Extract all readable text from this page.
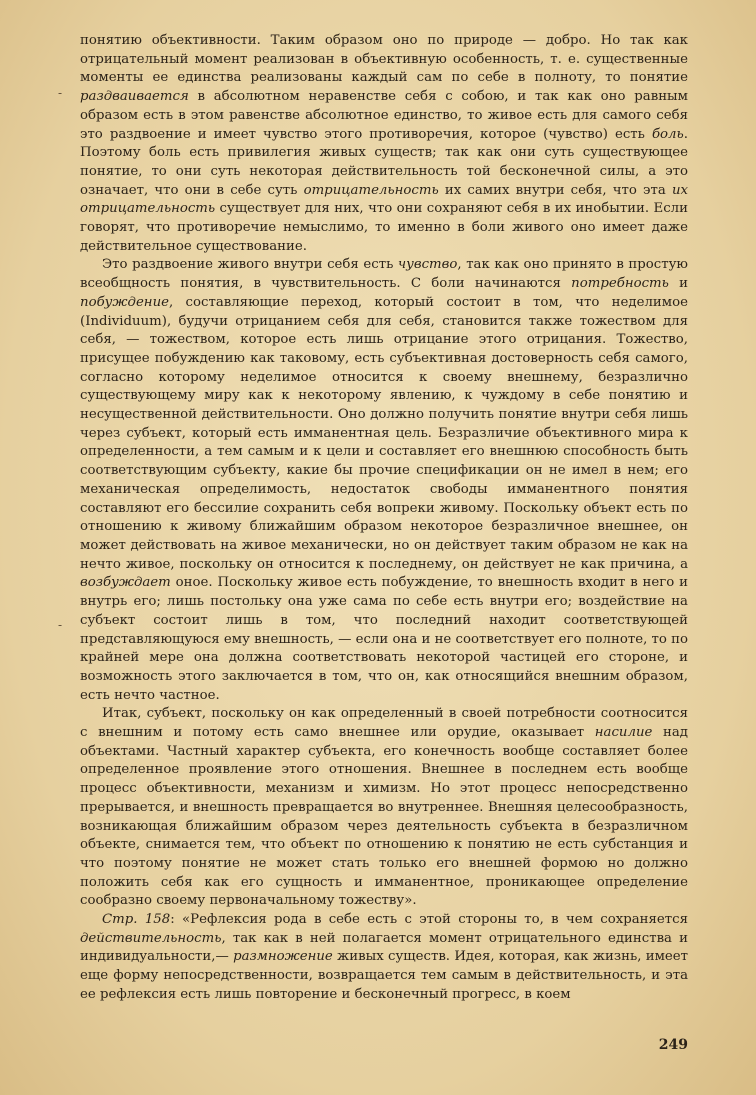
понятию объективности. Таким образом оно по природе — добро. Но так как отрицательный момент реализован в объективную особенность, т. е. существенные моменты ее единства реализованы каждый сам по себе в полноту, то понятие раздваивается в абсолютном неравенстве себя с собою, и так как оно равным образом есть в этом равенстве абсолютное единство, то живое есть для самого себя это раздвоение и имеет чувство этого противоречия, которое (чувство) есть боль. Поэтому боль есть привилегия живых существ; так как они суть существующее понятие, то они суть некоторая действительность той бесконечной силы, а это означает, что они в себе суть отрицательность их самих внутри себя, что эта их отрицательность существует для них, что они сохраняют себя в их инобытии. Если говорят, что противоречие немыслимо, то именно в боли живого оно имеет даже действительное существование.

Это раздвоение живого внутри себя есть чувство, так как оно принято в простую всеобщность понятия, в чувствительность. С боли начинаются потребность и побуждение, составляющие переход, который состоит в том, что неделимое (Individuum), будучи отрицанием себя для себя, становится также тожеством для себя, — тожеством, которое есть лишь отрицание этого отрицания. Тожество, присущее побуждению как таковому, есть субъективная достоверность себя самого, согласно которому неделимое относится к своему внешнему, безразлично существующему миру как к некоторому явлению, к чуждому в себе понятию и несущественной действительности. Оно должно получить понятие внутри себя лишь через субъект, который есть имманентная цель. Безразличие объективного мира к определенности, а тем самым и к цели и составляет его внешнюю способность быть соответствующим субъекту, какие бы прочие спецификации он не имел в нем; его механическая определимость, недостаток свободы имманентного понятия составляют его бессилие сохранить себя вопреки живому. Поскольку объект есть по отношению к живому ближайшим образом некоторое безразличное внешнее, он может действовать на живое механически, но он действует таким образом не как на нечто живое, поскольку он относится к последнему, он действует не как причина, а возбуждает оное. Поскольку живое есть побуждение, то внешность входит в него и внутрь его; лишь постольку она уже сама по себе есть внутри его; воздействие на субъект состоит лишь в том, что последний находит соответствующей представляющуюся ему внешность, — если она и не соответствует его полноте, то по крайней мере она должна соответствовать некоторой частицей его стороне, и возможность этого заключается в том, что он, как относящийся внешним образом, есть нечто частное.

Итак, субъект, поскольку он как определенный в своей потребности соотносится с внешним и потому есть само внешнее или орудие, оказывает насилие над объектами. Частный характер субъекта, его конечность вообще составляет более определенное проявление этого отношения. Внешнее в последнем есть вообще процесс объективности, механизм и химизм. Но этот процесс непосредственно прерывается, и внешность превращается во внутреннее. Внешняя целесообразность, возникающая ближайшим образом через деятельность субъекта в безразличном объекте, снимается тем, что объект по отношению к понятию не есть субстанция и что поэтому понятие не может стать только его внешней формою но должно положить себя как его сущность и имманентное, проникающее определение сообразно своему первоначальному тожеству».

Стр. 158: «Рефлексия рода в себе есть с этой стороны то, в чем сохраняется действительность, так как в ней полагается момент отрицательного единства и индивидуальности,— размножение живых существ. Идея, которая, как жизнь, имеет еще форму непосредственности, возвращается тем самым в действительность, и эта ее рефлексия есть лишь повторение и бесконечный прогресс, в коем

‐
‐
249
